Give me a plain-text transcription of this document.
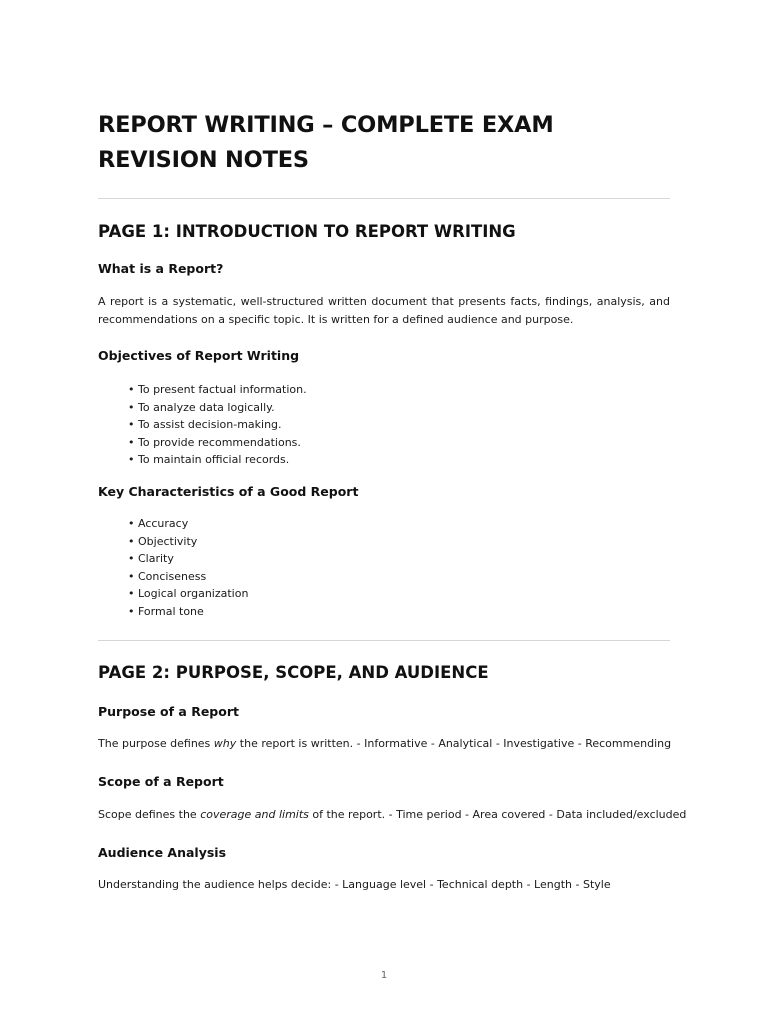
REPORT WRITING – COMPLETE EXAM REVISION NOTES
PAGE 1: INTRODUCTION TO REPORT WRITING
What is a Report?

A report is a systematic, well-structured written document that presents facts, findings, analysis, and recommendations on a specific topic. It is written for a defined audience and purpose.

Objectives of Report Writing
• To present factual information.
• To analyze data logically.
• To assist decision-making.
• To provide recommendations.
• To maintain official records.
Key Characteristics of a Good Report
• Accuracy
• Objectivity
• Clarity
• Conciseness
• Logical organization
• Formal tone
PAGE 2: PURPOSE, SCOPE, AND AUDIENCE
Purpose of a Report

The purpose defines why the report is written. - Informative - Analytical - Investigative - Recommending

Scope of a Report

Scope defines the coverage and limits of the report. - Time period - Area covered - Data included/excluded

Audience Analysis

Understanding the audience helps decide: - Language level - Technical depth - Length - Style

1
